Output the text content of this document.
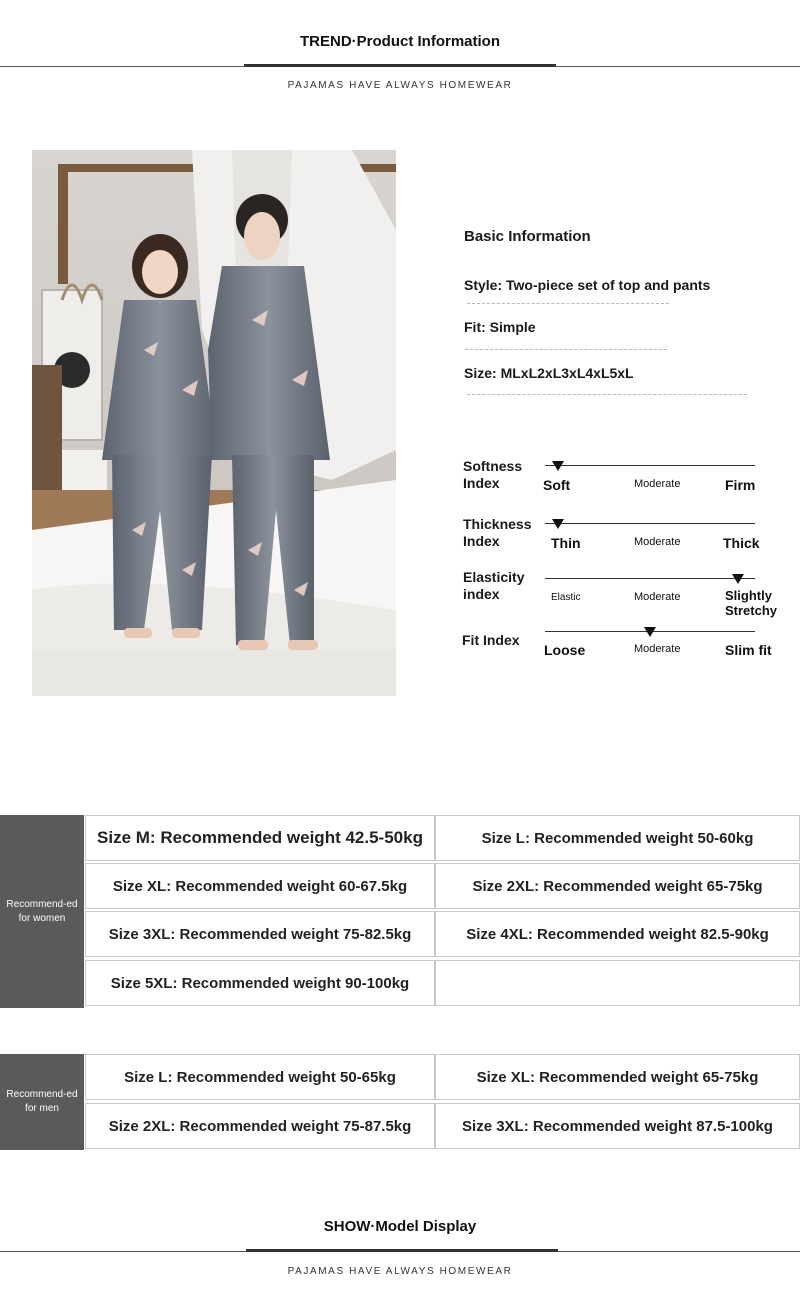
TREND·Product Information
PAJAMAS HAVE ALWAYS HOMEWEAR
Basic Information
Style: Two-piece set of top and pants
Fit: Simple
Size: MLxL2xL3xL4xL5xL
Softness
Index	Soft	Moderate	Firm
Thickness
Index	Thin	Moderate	Thick
Elasticity
index	Elastic	Moderate	Slightly
Stretchy
Fit Index
Loose	Moderate	Slim fit
Recommend-ed for women
Size M: Recommended weight 42.5-50kg	Size L: Recommended weight 50-60kg
Size XL: Recommended weight 60-67.5kg	Size 2XL: Recommended weight 65-75kg
Size 3XL: Recommended weight 75-82.5kg	Size 4XL: Recommended weight 82.5-90kg
Size 5XL: Recommended weight 90-100kg
Recommend-ed for men
Size L: Recommended weight 50-65kg	Size XL: Recommended weight 65-75kg
Size 2XL: Recommended weight 75-87.5kg	Size 3XL: Recommended weight 87.5-100kg
SHOW·Model Display
PAJAMAS HAVE ALWAYS HOMEWEAR
